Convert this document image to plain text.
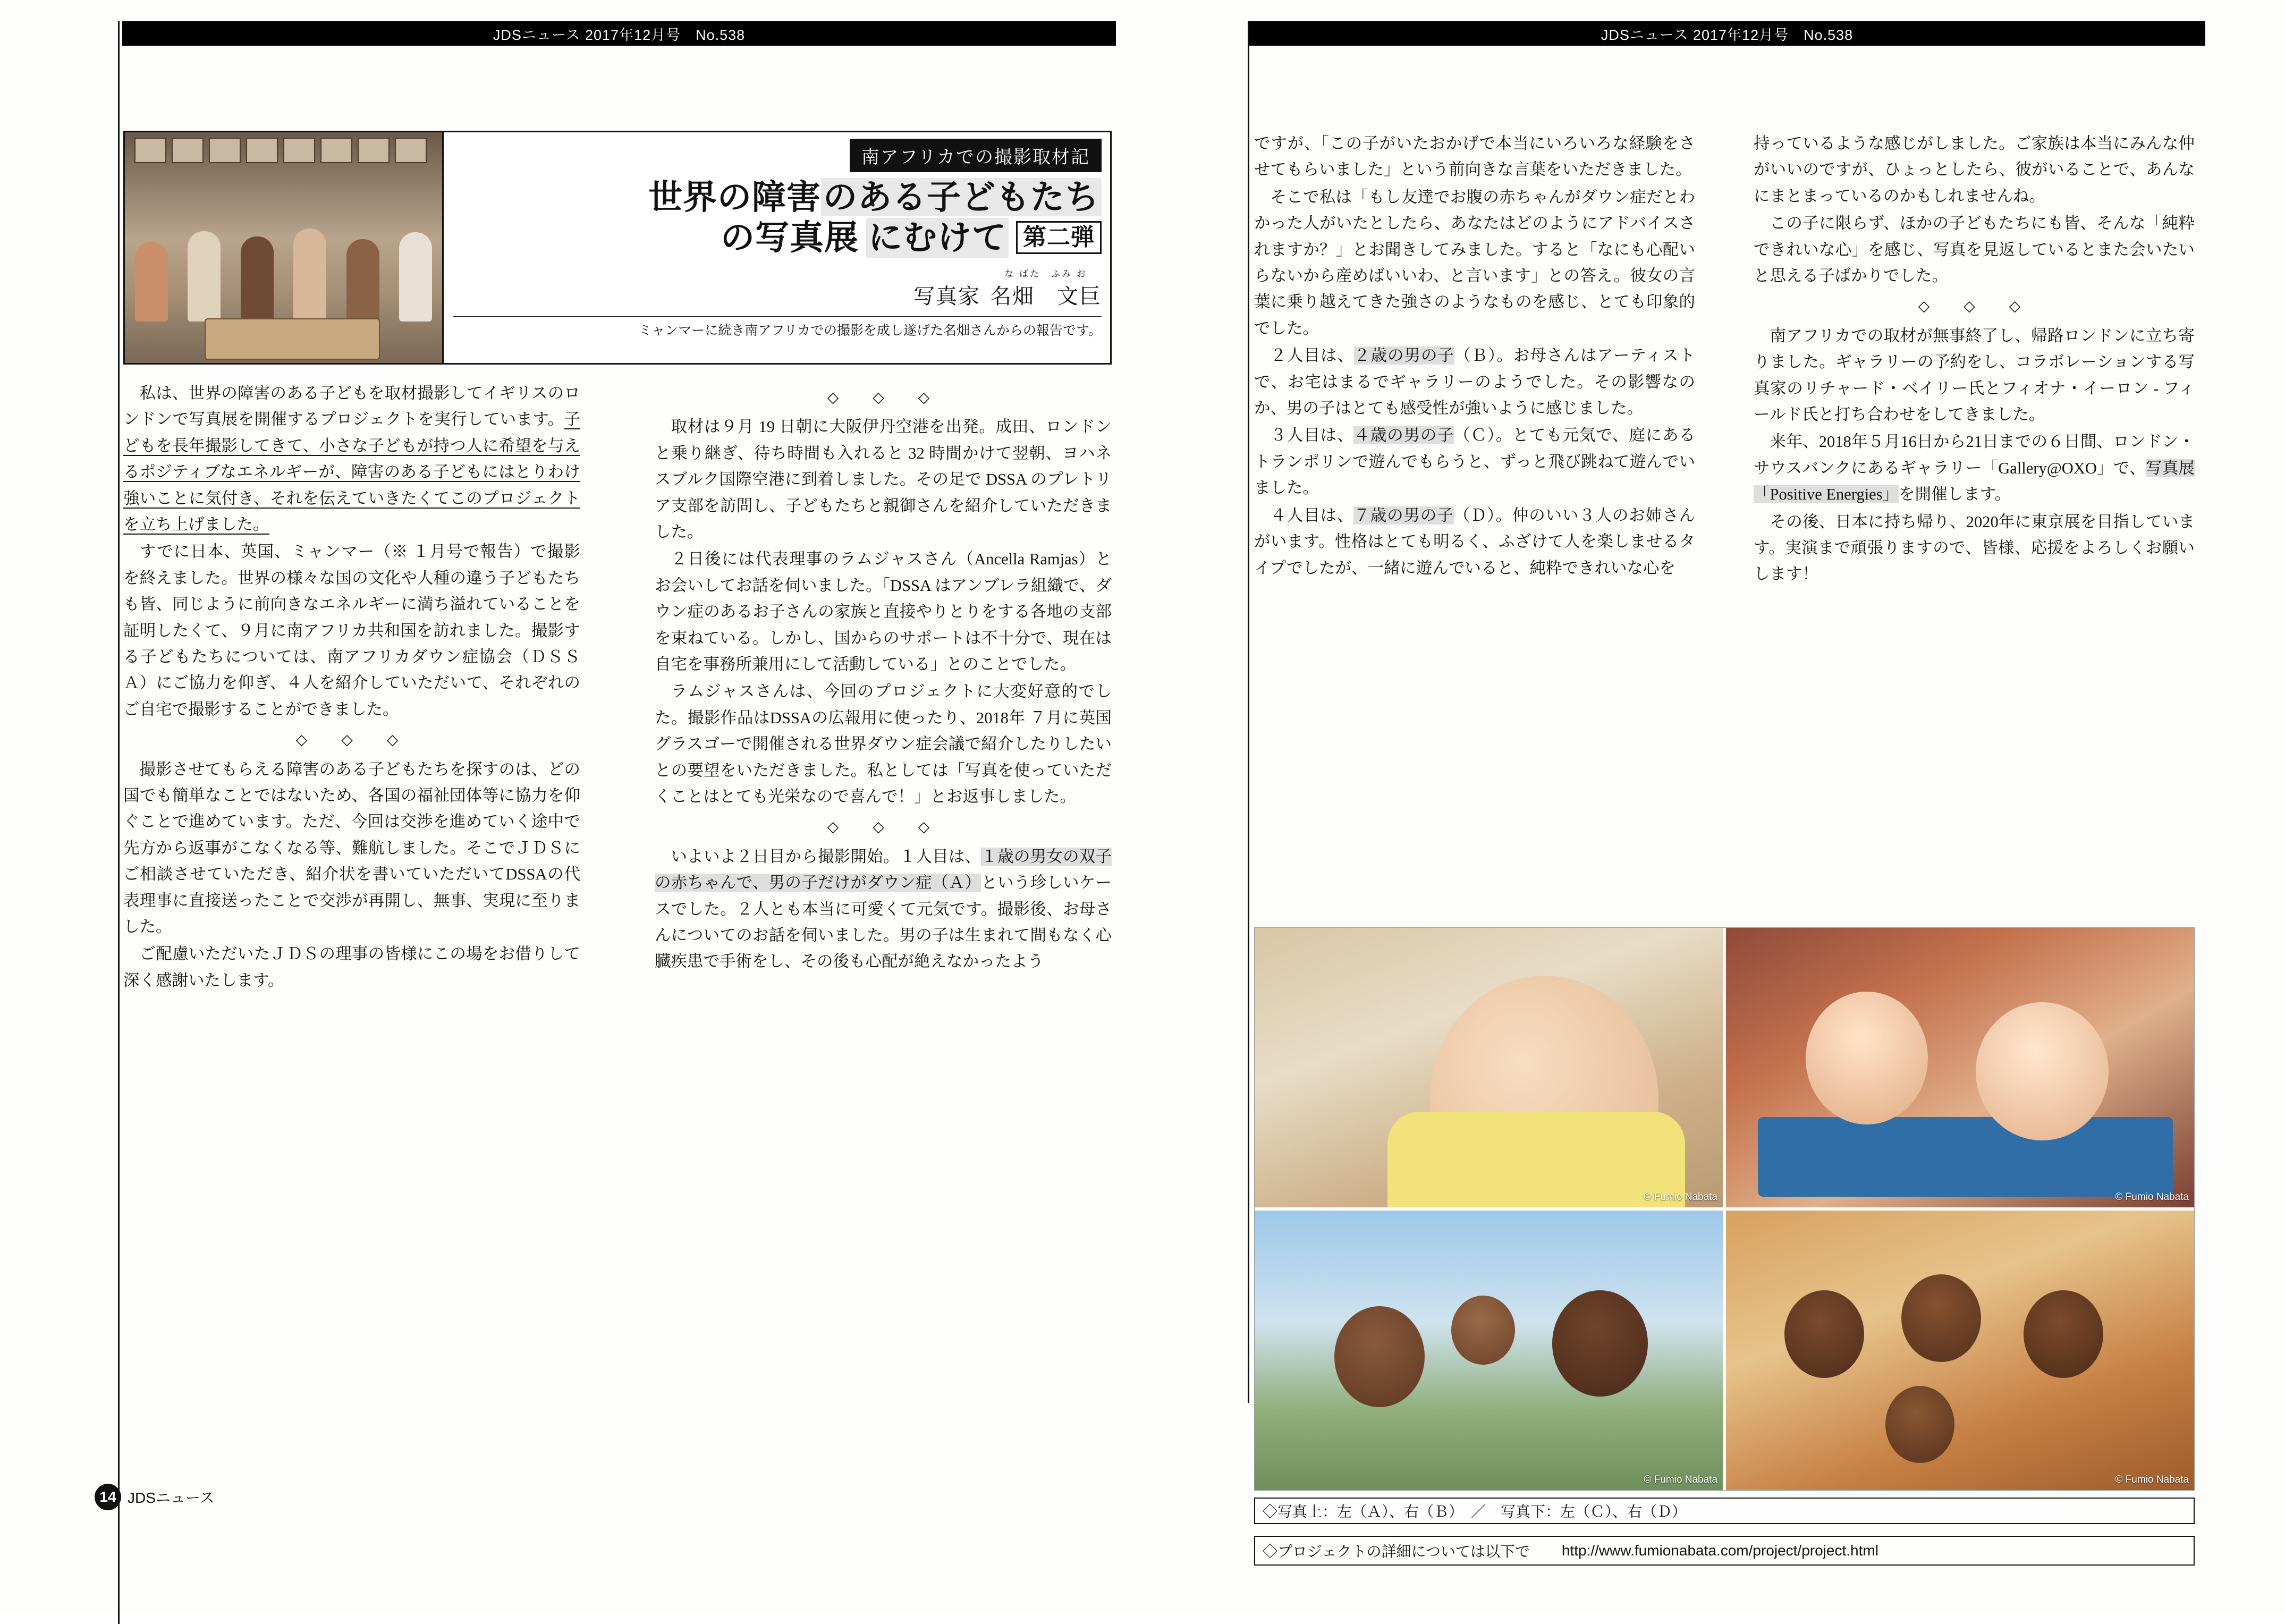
JDSニュース 2017年12月号　No.538	JDSニュース 2017年12月号　No.538
南アフリカでの撮影取材記
世界の障害のある子どもたち
の写真展 にむけて 第二弾
写真家
な ばた　ふみ お
名畑　文巨
ミャンマーに続き南アフリカでの撮影を成し遂げた名畑さんからの報告です。

私は、世界の障害のある子どもを取材撮影してイギリスのロンドンで写真展を開催するプロジェクトを実行しています。子どもを長年撮影してきて、小さな子どもが持つ人に希望を与えるポジティブなエネルギーが、障害のある子どもにはとりわけ強いことに気付き、それを伝えていきたくてこのプロジェクトを立ち上げました。

すでに日本、英国、ミャンマー（※ １月号で報告）で撮影を終えました。世界の様々な国の文化や人種の違う子どもたちも皆、同じように前向きなエネルギーに満ち溢れていることを証明したくて、９月に南アフリカ共和国を訪れました。撮影する子どもたちについては、南アフリカダウン症協会（ＤＳＳＡ）にご協力を仰ぎ、４人を紹介していただいて、それぞれのご自宅で撮影することができました。

◇　◇　◇

撮影させてもらえる障害のある子どもたちを探すのは、どの国でも簡単なことではないため、各国の福祉団体等に協力を仰ぐことで進めています。ただ、今回は交渉を進めていく途中で先方から返事がこなくなる等、難航しました。そこでＪＤＳにご相談させていただき、紹介状を書いていただいてDSSAの代表理事に直接送ったことで交渉が再開し、無事、実現に至りました。

ご配慮いただいたＪＤＳの理事の皆様にこの場をお借りして深く感謝いたします。

◇　◇　◇

取材は９月 19 日朝に大阪伊丹空港を出発。成田、ロンドンと乗り継ぎ、待ち時間も入れると 32 時間かけて翌朝、ヨハネスブルク国際空港に到着しました。その足で DSSA のプレトリア支部を訪問し、子どもたちと親御さんを紹介していただきました。

２日後には代表理事のラムジャスさん（Ancella Ramjas）とお会いしてお話を伺いました。「DSSA はアンブレラ組織で、ダウン症のあるお子さんの家族と直接やりとりをする各地の支部を束ねている。しかし、国からのサポートは不十分で、現在は自宅を事務所兼用にして活動している」とのことでした。

ラムジャスさんは、今回のプロジェクトに大変好意的でした。撮影作品はDSSAの広報用に使ったり、2018年 ７月に英国グラスゴーで開催される世界ダウン症会議で紹介したりしたいとの要望をいただきました。私としては「写真を使っていただくことはとても光栄なので喜んで！」とお返事しました。

◇　◇　◇

いよいよ２日目から撮影開始。１人目は、１歳の男女の双子の赤ちゃんで、男の子だけがダウン症（Ａ）という珍しいケースでした。２人とも本当に可愛くて元気です。撮影後、お母さんについてのお話を伺いました。男の子は生まれて間もなく心臓疾患で手術をし、その後も心配が絶えなかったよう

ですが、「この子がいたおかげで本当にいろいろな経験をさせてもらいました」という前向きな言葉をいただきました。

そこで私は「もし友達でお腹の赤ちゃんがダウン症だとわかった人がいたとしたら、あなたはどのようにアドバイスされますか？」とお聞きしてみました。すると「なにも心配いらないから産めばいいわ、と言います」との答え。彼女の言葉に乗り越えてきた強さのようなものを感じ、とても印象的でした。

２人目は、２歳の男の子（Ｂ）。お母さんはアーティストで、お宅はまるでギャラリーのようでした。その影響なのか、男の子はとても感受性が強いように感じました。

３人目は、４歳の男の子（Ｃ）。とても元気で、庭にあるトランポリンで遊んでもらうと、ずっと飛び跳ねて遊んでいました。

４人目は、７歳の男の子（Ｄ）。仲のいい３人のお姉さんがいます。性格はとても明るく、ふざけて人を楽しませるタイプでしたが、一緒に遊んでいると、純粋できれいな心を

持っているような感じがしました。ご家族は本当にみんな仲がいいのですが、ひょっとしたら、彼がいることで、あんなにまとまっているのかもしれませんね。

この子に限らず、ほかの子どもたちにも皆、そんな「純粋できれいな心」を感じ、写真を見返しているとまた会いたいと思える子ばかりでした。

◇　◇　◇

南アフリカでの取材が無事終了し、帰路ロンドンに立ち寄りました。ギャラリーの予約をし、コラボレーションする写真家のリチャード・ベイリー氏とフィオナ・イーロン - フィールド氏と打ち合わせをしてきました。

来年、2018年５月16日から21日までの６日間、ロンドン・サウスバンクにあるギャラリー「Gallery@OXO」で、写真展「Positive Energies」を開催します。

その後、日本に持ち帰り、2020年に東京展を目指しています。実演まで頑張りますので、皆様、応援をよろしくお願いします！

© Fumio Nabata	© Fumio Nabata
© Fumio Nabata	© Fumio Nabata
◇写真上：左（Ａ）、右（Ｂ）　／　写真下：左（Ｃ）、右（Ｄ）
◇プロジェクトの詳細については以下で http://www.fumionabata.com/project/project.html
14 JDSニュース
